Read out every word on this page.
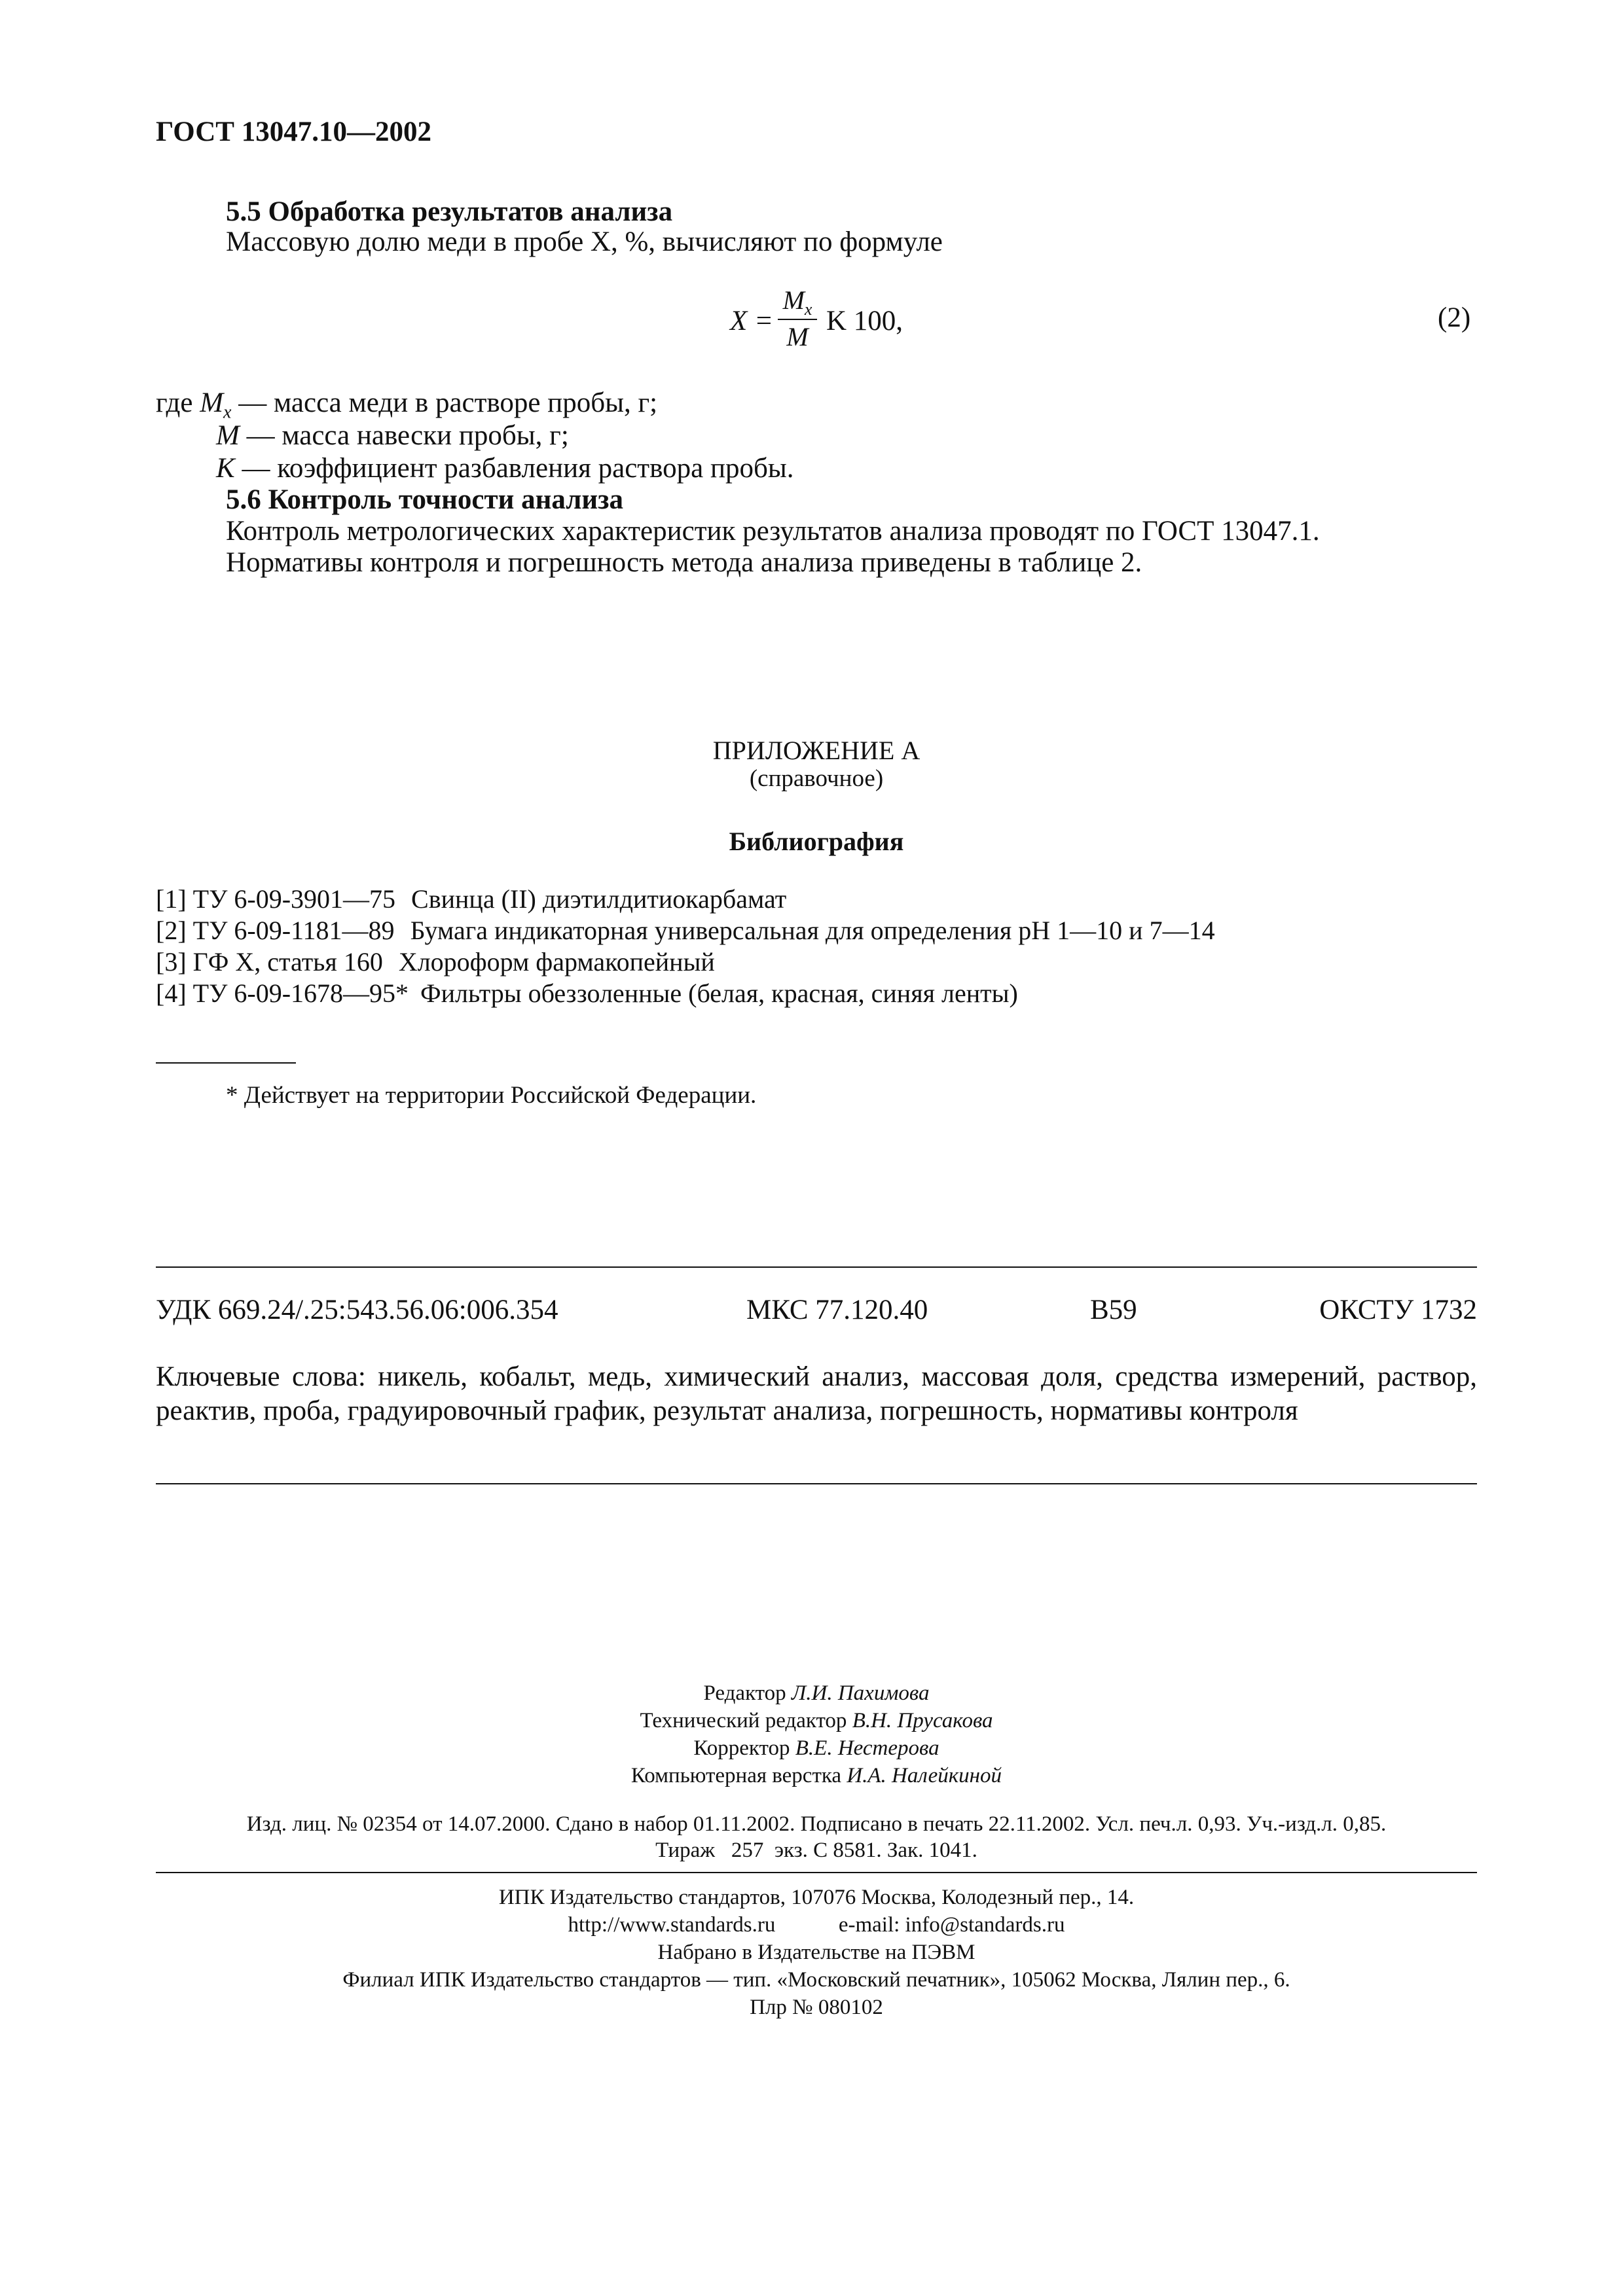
ГОСТ 13047.10—2002
5.5 Обработка результатов анализа
Массовую долю меди в пробе X, %, вычисляют по формуле
X =
$M_x$
M
K 100,	(2)
где $M_x$ — масса меди в растворе пробы, г;
M — масса навески пробы, г;
K — коэффициент разбавления раствора пробы.
5.6 Контроль точности анализа
Контроль метрологических характеристик результатов анализа проводят по ГОСТ 13047.1.
Нормативы контроля и погрешность метода анализа приведены в таблице 2.
ПРИЛОЖЕНИЕ А
(справочное)
Библиография
[1] ТУ 6-09-3901—75 Свинца (II) диэтилдитиокарбамат
[2] ТУ 6-09-1181—89 Бумага индикаторная универсальная для определения рН 1—10 и 7—14
[3] ГФ X, статья 160 Хлороформ фармакопейный
[4] ТУ 6-09-1678—95* Фильтры обеззоленные (белая, красная, синяя ленты)
* Действует на территории Российской Федерации.
УДК 669.24/.25:543.56.06:006.354	МКС 77.120.40	В59	ОКСТУ 1732
Ключевые слова: никель, кобальт, медь, химический анализ, массовая доля, средства измерений, раствор, реактив, проба, градуировочный график, результат анализа, погрешность, нормативы контроля
Редактор Л.И. Пахимова
Технический редактор В.Н. Прусакова
Корректор В.Е. Нестерова
Компьютерная верстка И.А. Налейкиной
Изд. лиц. № 02354 от 14.07.2000. Сдано в набор 01.11.2002. Подписано в печать 22.11.2002. Усл. печ.л. 0,93. Уч.-изд.л. 0,85.
Тираж   257  экз. С 8581. Зак. 1041.
ИПК Издательство стандартов, 107076 Москва, Колодезный пер., 14.
http://www.standards.ru	e-mail: info@standards.ru
Набрано в Издательстве на ПЭВМ
Филиал ИПК Издательство стандартов — тип. «Московский печатник», 105062 Москва, Лялин пер., 6.
Плр № 080102
